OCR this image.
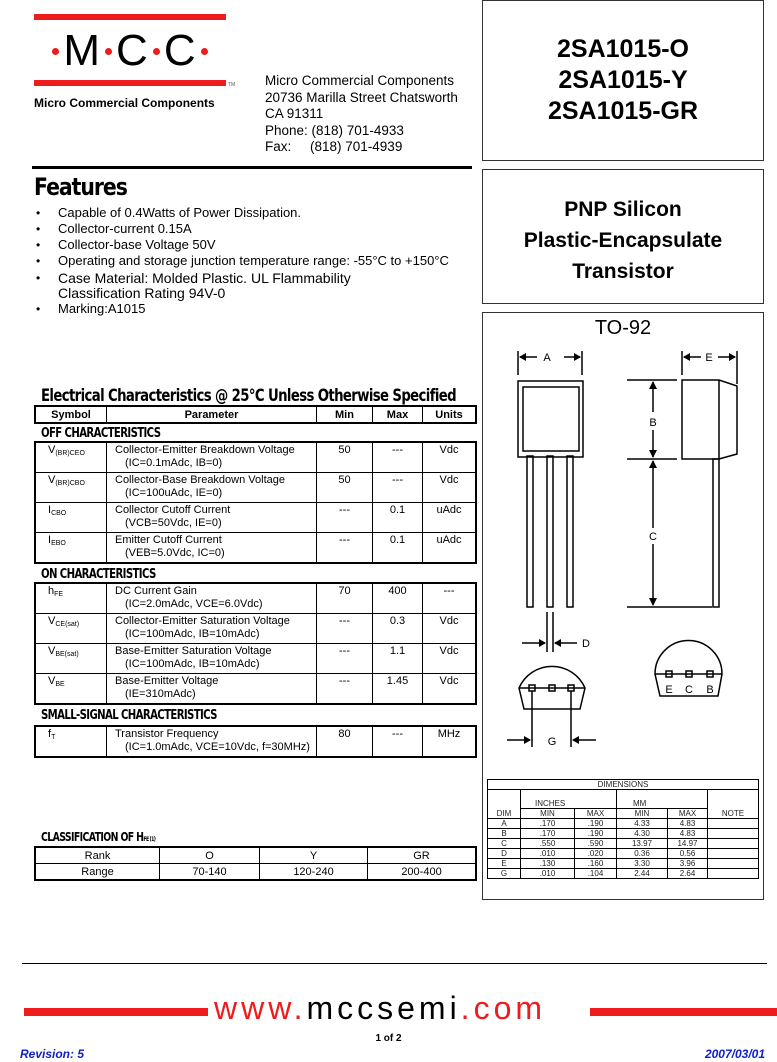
M C C
TM
Micro Commercial Components
Micro Commercial Components
20736 Marilla Street Chatsworth
CA 91311
Phone: (818) 701-4933
Fax:     (818) 701-4939
2SA1015-O
2SA1015-Y
2SA1015-GR
PNP Silicon
Plastic-Encapsulate
Transistor
TO-92
A
B
C
D
E
G
E C B
DIMENSIONS					
	INCHES		MM		
DIM	MIN	MAX	MIN	MAX	NOTE
A	.170	.190	4.33	4.83	
B	.170	.190	4.30	4.83	
C	.550	.590	13.97	14.97	
D	.010	.020	0.36	0.56	
E	.130	.160	3.30	3.96	
G	.010	.104	2.44	2.64	
Features
• Capable of 0.4Watts of Power Dissipation.
• Collector-current 0.15A
• Collector-base Voltage 50V
• Operating and storage junction temperature range: -55°C to +150°C
• Case Material: Molded Plastic. UL Flammability Classification Rating 94V-0
• Marking:A1015
Electrical Characteristics @ 25°C Unless Otherwise Specified
Symbol	Parameter	Min	Max	Units
OFF CHARACTERISTICS
$V_{(BR)CEO}$	Collector-Emitter Breakdown Voltage
(IC=0.1mAdc, IB=0)	50	---	Vdc
$V_{(BR)CBO}$	Collector-Base Breakdown Voltage
(IC=100uAdc, IE=0)	50	---	Vdc
$I_{CBO}$	Collector Cutoff Current
(VCB=50Vdc, IE=0)	---	0.1	uAdc
$I_{EBO}$	Emitter Cutoff Current
(VEB=5.0Vdc, IC=0)	---	0.1	uAdc
ON CHARACTERISTICS
$h_{FE}$	DC Current Gain
(IC=2.0mAdc, VCE=6.0Vdc)	70	400	---
$V_{CE(sat)}$	Collector-Emitter Saturation Voltage
(IC=100mAdc, IB=10mAdc)	---	0.3	Vdc
$V_{BE(sat)}$	Base-Emitter Saturation Voltage
(IC=100mAdc, IB=10mAdc)	---	1.1	Vdc
$V_{BE}$	Base-Emitter Voltage
(IE=310mAdc)	---	1.45	Vdc
SMALL-SIGNAL CHARACTERISTICS
$f_T$	Transistor Frequency
(IC=1.0mAdc, VCE=10Vdc, f=30MHz)
	80	---	MHz
CLASSIFICATION OF HFE (1)
Rank	O	Y	GR
Range	70-140	120-240	200-400
www.mccsemi.com
1 of 2
Revision: 5	2007/03/01
